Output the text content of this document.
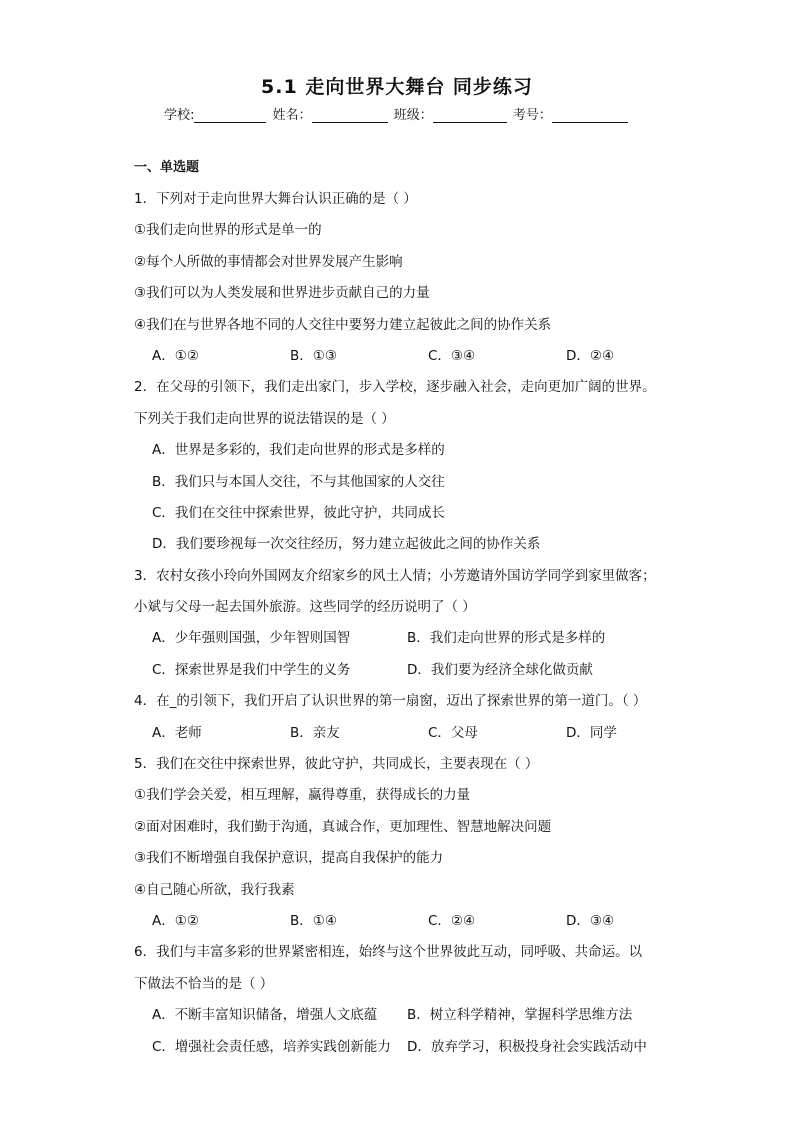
5.1 走向世界大舞台 同步练习
学校:	姓名：	班级：	考号：
一、单选题
1．下列对于走向世界大舞台认识正确的是（ ）
①我们走向世界的形式是单一的
②每个人所做的事情都会对世界发展产生影响
③我们可以为人类发展和世界进步贡献自己的力量
④我们在与世界各地不同的人交往中要努力建立起彼此之间的协作关系
A．①②	B．①③	C．③④	D．②④
2．在父母的引领下，我们走出家门，步入学校，逐步融入社会，走向更加广阔的世界。
下列关于我们走向世界的说法错误的是（ ）
A．世界是多彩的，我们走向世界的形式是多样的
B．我们只与本国人交往，不与其他国家的人交往
C．我们在交往中探索世界，彼此守护，共同成长
D．我们要珍视每一次交往经历，努力建立起彼此之间的协作关系
3．农村女孩小玲向外国网友介绍家乡的风土人情；小芳邀请外国访学同学到家里做客；
小斌与父母一起去国外旅游。这些同学的经历说明了（ ）
A．少年强则国强，少年智则国智	B．我们走向世界的形式是多样的
C．探索世界是我们中学生的义务	D．我们要为经济全球化做贡献
4．在_的引领下，我们开启了认识世界的第一扇窗，迈出了探索世界的第一道门。（ ）
A．老师	B．亲友	C．父母	D．同学
5．我们在交往中探索世界，彼此守护，共同成长，主要表现在（ ）
①我们学会关爱，相互理解，赢得尊重，获得成长的力量
②面对困难时，我们勤于沟通，真诚合作，更加理性、智慧地解决问题
③我们不断增强自我保护意识，提高自我保护的能力
④自己随心所欲，我行我素
A．①②	B．①④	C．②④	D．③④
6．我们与丰富多彩的世界紧密相连，始终与这个世界彼此互动，同呼吸、共命运。以
下做法不恰当的是（ ）
A．不断丰富知识储备，增强人文底蕴 B．树立科学精神，掌握科学思维方法
C．增强社会责任感，培养实践创新能力 D．放弃学习，积极投身社会实践活动中
